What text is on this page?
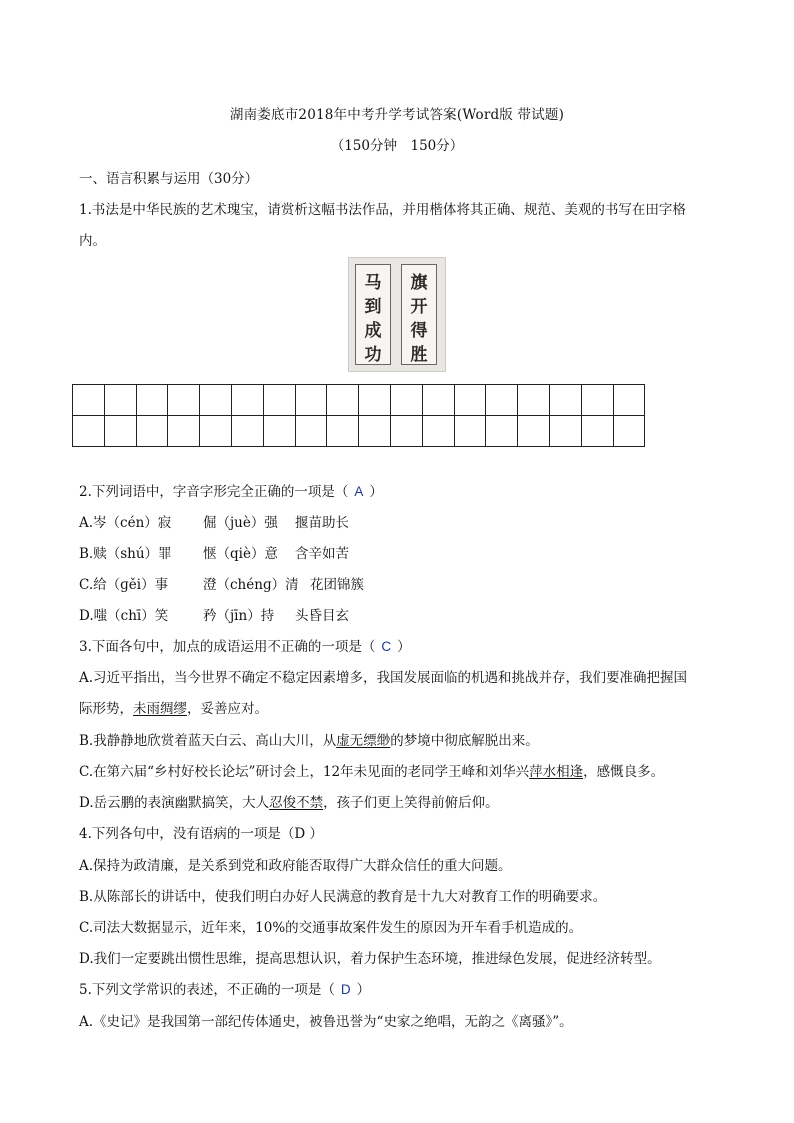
湖南娄底市2018年中考升学考试答案(Word版 带试题)
（150分钟　150分）
一、语言积累与运用（30分）
1.书法是中华民族的艺术瑰宝，请赏析这幅书法作品，并用楷体将其正确、规范、美观的书写在田字格
内。
马
到
成
功
旗
开
得
胜

2.下列词语中，字音字形完全正确的一项是（ A ）
A.岑（cén）寂 倔（juè）强 揠苗助长
B.赎（shú）罪 惬（qiè）意 含辛如苦
C.给（ɡěi）事	澄（chénɡ）清 花团锦簇
D.嗤（chī）笑	矜（jīn）持 头昏目玄
3.下面各句中，加点的成语运用不正确的一项是（ C ）
A.习近平指出，当今世界不确定不稳定因素增多，我国发展面临的机遇和挑战并存，我们要准确把握国
际形势，未雨绸缪，妥善应对。
B.我静静地欣赏着蓝天白云、高山大川，从虚无缥缈的梦境中彻底解脱出来。
C.在第六届“乡村好校长论坛”研讨会上，12年未见面的老同学王峰和刘华兴萍水相逢，感慨良多。
D.岳云鹏的表演幽默搞笑，大人忍俊不禁，孩子们更上笑得前俯后仰。
4.下列各句中，没有语病的一项是（D ）
A.保持为政清廉，是关系到党和政府能否取得广大群众信任的重大问题。
B.从陈部长的讲话中，使我们明白办好人民满意的教育是十九大对教育工作的明确要求。
C.司法大数据显示，近年来，10%的交通事故案件发生的原因为开车看手机造成的。
D.我们一定要跳出惯性思维，提高思想认识，着力保护生态环境，推进绿色发展，促进经济转型。
5.下列文学常识的表述，不正确的一项是（ D ）
A.《史记》是我国第一部纪传体通史，被鲁迅誉为“史家之绝唱，无韵之《离骚》”。
